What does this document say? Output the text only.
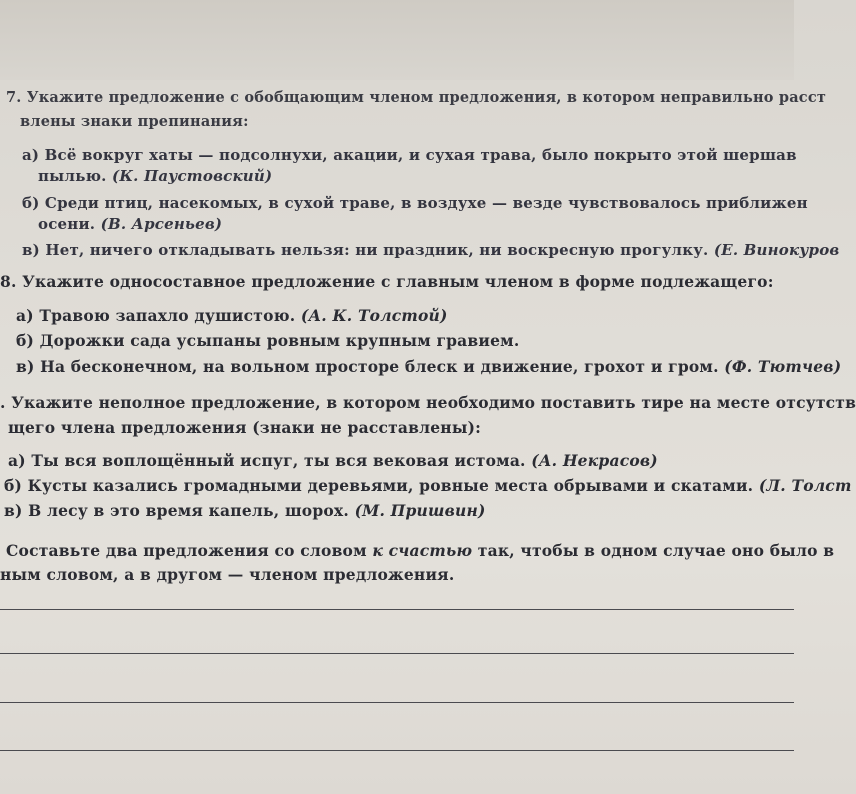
7. Укажите предложение с обобщающим членом предложения, в котором неправильно расст
влены знаки препинания:
а) Всё вокруг хаты — подсолнухи, акации, и сухая трава, было покрыто этой шершав
пылью. (К. Паустовский)
б) Среди птиц, насекомых, в сухой траве, в воздухе — везде чувствовалось приближен
осени. (В. Арсеньев)
в) Нет, ничего откладывать нельзя: ни праздник, ни воскресную прогулку. (Е. Винокуров
8. Укажите односоставное предложение с главным членом в форме подлежащего:
а) Травою запахло душистою. (А. К. Толстой)
б) Дорожки сада усыпаны ровным крупным гравием.
в) На бесконечном, на вольном просторе блеск и движение, грохот и гром. (Ф. Тютчев)
. Укажите неполное предложение, в котором необходимо поставить тире на месте отсутств
щего члена предложения (знаки не расставлены):
а) Ты вся воплощённый испуг, ты вся вековая истома. (А. Некрасов)
б) Кусты казались громадными деревьями, ровные места обрывами и скатами. (Л. Толст
в) В лесу в это время капель, шорох. (М. Пришвин)
Составьте два предложения со словом к счастью так, чтобы в одном случае оно было в
ным словом, а в другом — членом предложения.
